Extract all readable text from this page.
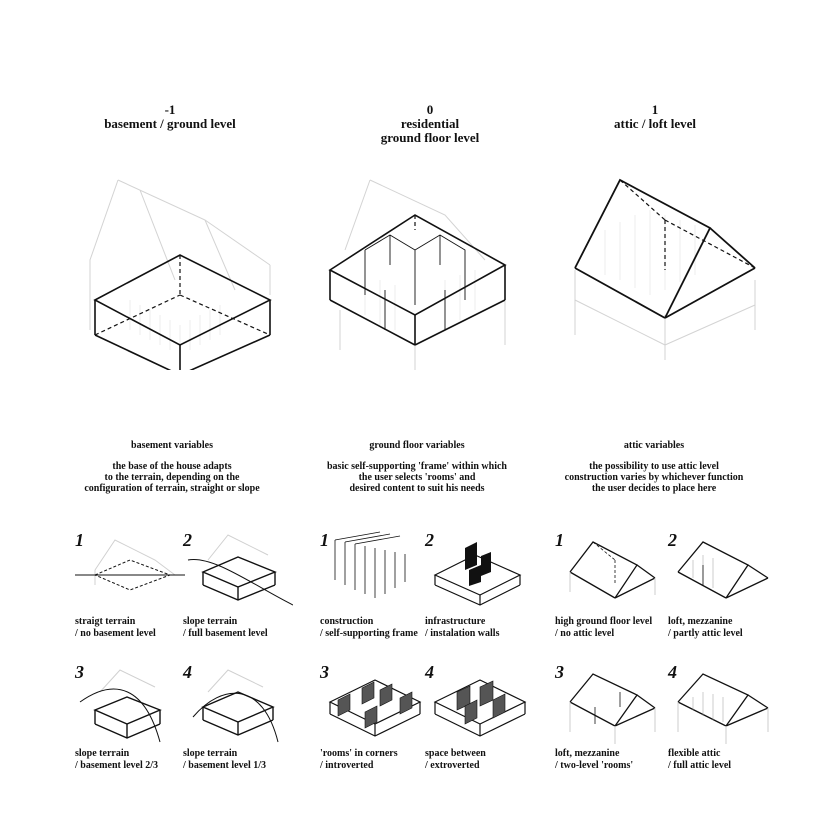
-1
basement / ground level
0
residential
ground floor level
1
attic / loft level
basement variables
the base of the house adapts
to the terrain, depending on the
configuration of terrain, straight or slope
ground floor variables
basic self-supporting 'frame' within which
the user selects 'rooms' and
desired content to suit his needs
attic variables
the possibility to use attic level
construction varies by whichever function
the user decides to place here
1
straigt terrain
/ no basement level
2
slope terrain
/ full basement level
3
slope terrain
/ basement level 2/3
4
slope terrain
/ basement level 1/3
1
construction
/ self-supporting frame
2
infrastructure
/ instalation walls
3
'rooms' in corners
/ introverted
4
space between
/ extroverted
1
high ground floor level
/ no attic level
2
loft, mezzanine
/ partly attic level
3
loft, mezzanine
/ two-level 'rooms'
4
flexible attic
/ full attic level
